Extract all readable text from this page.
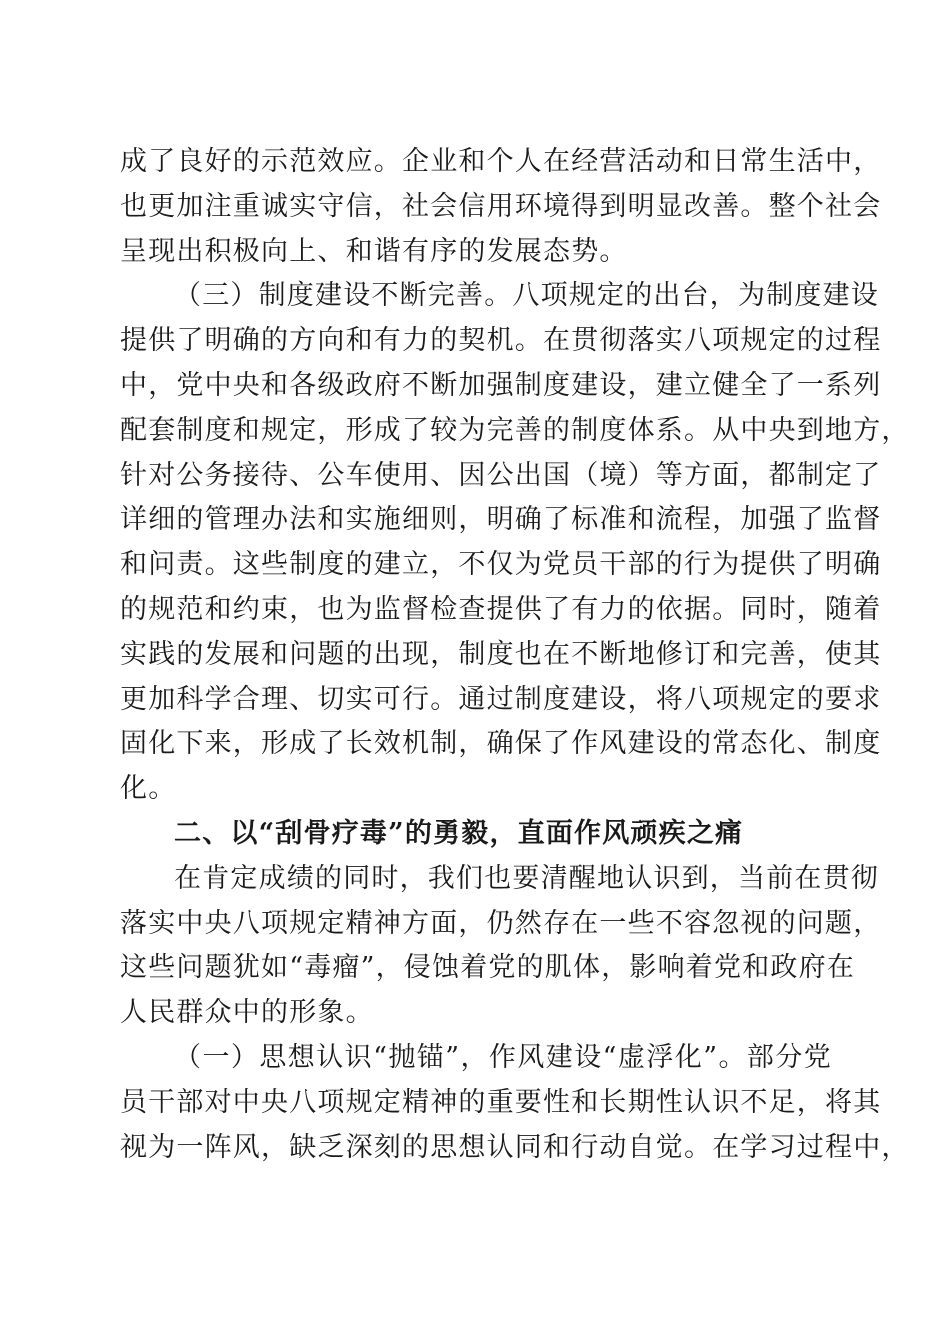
成了良好的示范效应。企业和个人在经营活动和日常生活中，

也更加注重诚实守信，社会信用环境得到明显改善。整个社会

呈现出积极向上、和谐有序的发展态势。

（三）制度建设不断完善。八项规定的出台，为制度建设

提供了明确的方向和有力的契机。在贯彻落实八项规定的过程

中，党中央和各级政府不断加强制度建设，建立健全了一系列

配套制度和规定，形成了较为完善的制度体系。从中央到地方，

针对公务接待、公车使用、因公出国（境）等方面，都制定了

详细的管理办法和实施细则，明确了标准和流程，加强了监督

和问责。这些制度的建立，不仅为党员干部的行为提供了明确

的规范和约束，也为监督检查提供了有力的依据。同时，随着

实践的发展和问题的出现，制度也在不断地修订和完善，使其

更加科学合理、切实可行。通过制度建设，将八项规定的要求

固化下来，形成了长效机制，确保了作风建设的常态化、制度

化。

二、以“刮骨疗毒”的勇毅，直面作风顽疾之痛

在肯定成绩的同时，我们也要清醒地认识到，当前在贯彻

落实中央八项规定精神方面，仍然存在一些不容忽视的问题，

这些问题犹如“毒瘤”，侵蚀着党的肌体，影响着党和政府在

人民群众中的形象。

（一）思想认识“抛锚”，作风建设“虚浮化”。部分党

员干部对中央八项规定精神的重要性和长期性认识不足，将其

视为一阵风，缺乏深刻的思想认同和行动自觉。在学习过程中，
